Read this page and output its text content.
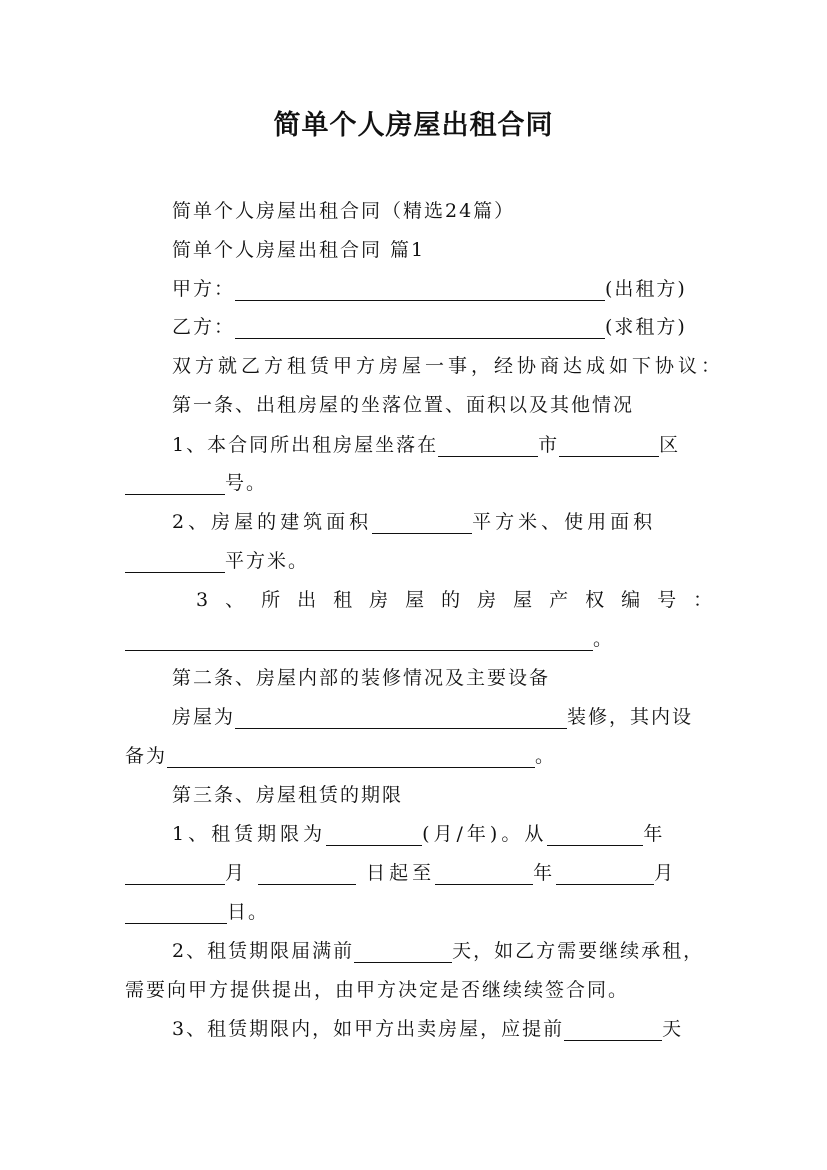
简单个人房屋出租合同
简单个人房屋出租合同（精选24篇）
简单个人房屋出租合同 篇1
甲方：	(出租方)
乙方：	(求租方)
双方就乙方租赁甲方房屋一事，经协商达成如下协议：
第一条、出租房屋的坐落位置、面积以及其他情况
1、本合同所出租房屋坐落在	市	区
号。
2、房屋的建筑面积	平方米、使用面积
平方米。
3、所出租房屋的房屋产权编号：
。
第二条、房屋内部的装修情况及主要设备
房屋为	装修，其内设
备为	。
第三条、房屋租赁的期限
1、租赁期限为	(月/年)。从	年
月	日起至	年	月
日。
2、租赁期限届满前	天，如乙方需要继续承租，
需要向甲方提供提出，由甲方决定是否继续续签合同。
3、租赁期限内，如甲方出卖房屋，应提前	天
